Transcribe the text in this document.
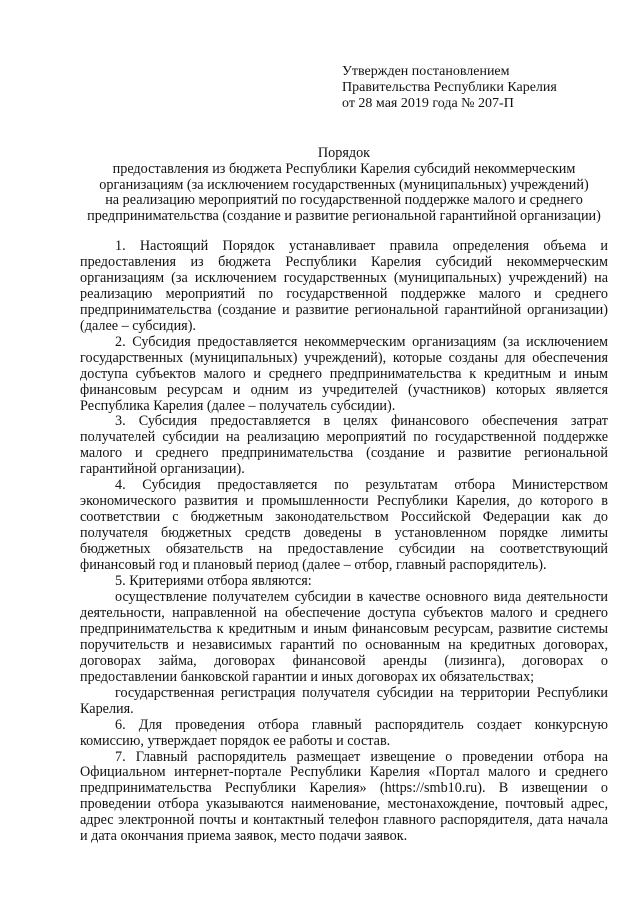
Утвержден постановлением
Правительства Республики Карелия
от 28 мая 2019 года № 207-П
Порядок
предоставления из бюджета Республики Карелия субсидий некоммерческим
организациям (за исключением государственных (муниципальных) учреждений)
на реализацию мероприятий по государственной поддержке малого и среднего
предпринимательства (создание и развитие региональной гарантийной организации)

1. Настоящий Порядок устанавливает правила определения объема и предоставления из бюджета Республики Карелия субсидий некоммерческим организациям (за исключением государственных (муниципальных) учреждений) на реализацию мероприятий по государственной поддержке малого и среднего предпринимательства (создание и развитие региональной гарантийной организации) (далее – субсидия).

2. Субсидия предоставляется некоммерческим организациям (за исключением государственных (муниципальных) учреждений), которые созданы для обеспечения доступа субъектов малого и среднего предпринимательства к кредитным и иным финансовым ресурсам и одним из учредителей (участников) которых является Республика Карелия (далее – получатель субсидии).

3. Субсидия предоставляется в целях финансового обеспечения затрат получателей субсидии на реализацию мероприятий по государственной поддержке малого и среднего предпринимательства (создание и развитие региональной гарантийной организации).

4. Субсидия предоставляется по результатам отбора Министерством экономического развития и промышленности Республики Карелия, до которого в соответствии с бюджетным законодательством Российской Федерации как до получателя бюджетных средств доведены в установленном порядке лимиты бюджетных обязательств на предоставление субсидии на соответствующий финансовый год и плановый период (далее – отбор, главный распорядитель).

5. Критериями отбора являются:

осуществление получателем субсидии в качестве основного вида деятельности деятельности, направленной на обеспечение доступа субъектов малого и среднего предпринимательства к кредитным и иным финансовым ресурсам, развитие системы поручительств и независимых гарантий по основанным на кредитных договорах, договорах займа, договорах финансовой аренды (лизинга), договорах о предоставлении банковской гарантии и иных договорах их обязательствах;

государственная регистрация получателя субсидии на территории Республики Карелия.

6. Для проведения отбора главный распорядитель создает конкурсную комиссию, утверждает порядок ее работы и состав.

7. Главный распорядитель размещает извещение о проведении отбора на Официальном интернет-портале Республики Карелия «Портал малого и среднего предпринимательства Республики Карелия» (https://smb10.ru). В извещении о проведении отбора указываются наименование, местонахождение, почтовый адрес, адрес электронной почты и контактный телефон главного распорядителя, дата начала и дата окончания приема заявок, место подачи заявок.
